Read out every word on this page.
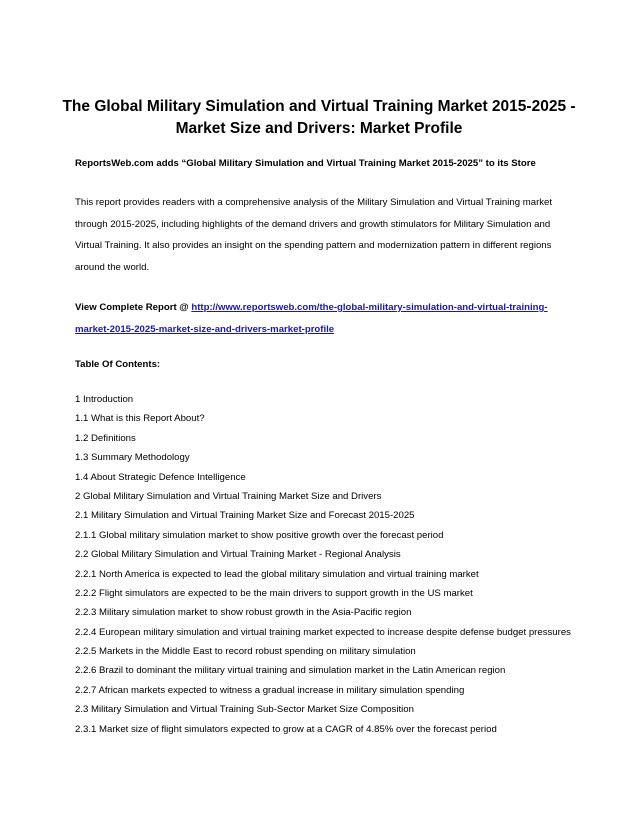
The Global Military Simulation and Virtual Training Market 2015-2025 -
Market Size and Drivers: Market Profile
ReportsWeb.com adds “Global Military Simulation and Virtual Training Market 2015-2025” to its Store

This report provides readers with a comprehensive analysis of the Military Simulation and Virtual Training market through 2015-2025, including highlights of the demand drivers and growth stimulators for Military Simulation and Virtual Training. It also provides an insight on the spending pattern and modernization pattern in different regions around the world.

View Complete Report @ http://www.reportsweb.com/the-global-military-simulation-and-virtual-training-
market-2015-2025-market-size-and-drivers-market-profile
Table Of Contents:
1 Introduction
1.1 What is this Report About?
1.2 Definitions
1.3 Summary Methodology
1.4 About Strategic Defence Intelligence
2 Global Military Simulation and Virtual Training Market Size and Drivers
2.1 Military Simulation and Virtual Training Market Size and Forecast 2015-2025
2.1.1 Global military simulation market to show positive growth over the forecast period
2.2 Global Military Simulation and Virtual Training Market - Regional Analysis
2.2.1 North America is expected to lead the global military simulation and virtual training market
2.2.2 Flight simulators are expected to be the main drivers to support growth in the US market
2.2.3 Military simulation market to show robust growth in the Asia-Pacific region
2.2.4 European military simulation and virtual training market expected to increase despite defense budget pressures
2.2.5 Markets in the Middle East to record robust spending on military simulation
2.2.6 Brazil to dominant the military virtual training and simulation market in the Latin American region
2.2.7 African markets expected to witness a gradual increase in military simulation spending
2.3 Military Simulation and Virtual Training Sub-Sector Market Size Composition
2.3.1 Market size of flight simulators expected to grow at a CAGR of 4.85% over the forecast period
